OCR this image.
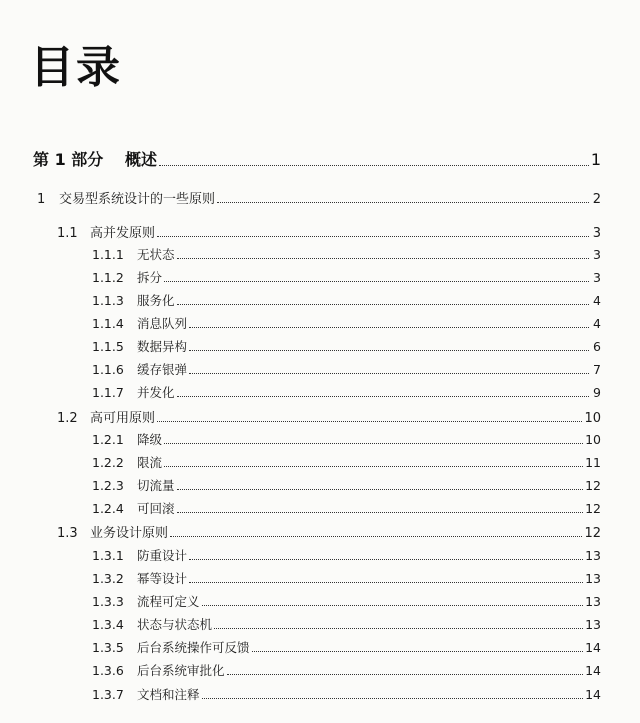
目录
第 1 部分	概述	1
1	交易型系统设计的一些原则	2
1.1 高并发原则	3
1.1.1	无状态	3
1.1.2	拆分	3
1.1.3	服务化	4
1.1.4	消息队列	4
1.1.5	数据异构	6
1.1.6	缓存银弹	7
1.1.7	并发化	9
1.2 高可用原则	10
1.2.1	降级	10
1.2.2	限流	11
1.2.3	切流量	12
1.2.4	可回滚	12
1.3 业务设计原则	12
1.3.1	防重设计	13
1.3.2	幂等设计	13
1.3.3	流程可定义	13
1.3.4	状态与状态机	13
1.3.5	后台系统操作可反馈	14
1.3.6	后台系统审批化	14
1.3.7	文档和注释	14
